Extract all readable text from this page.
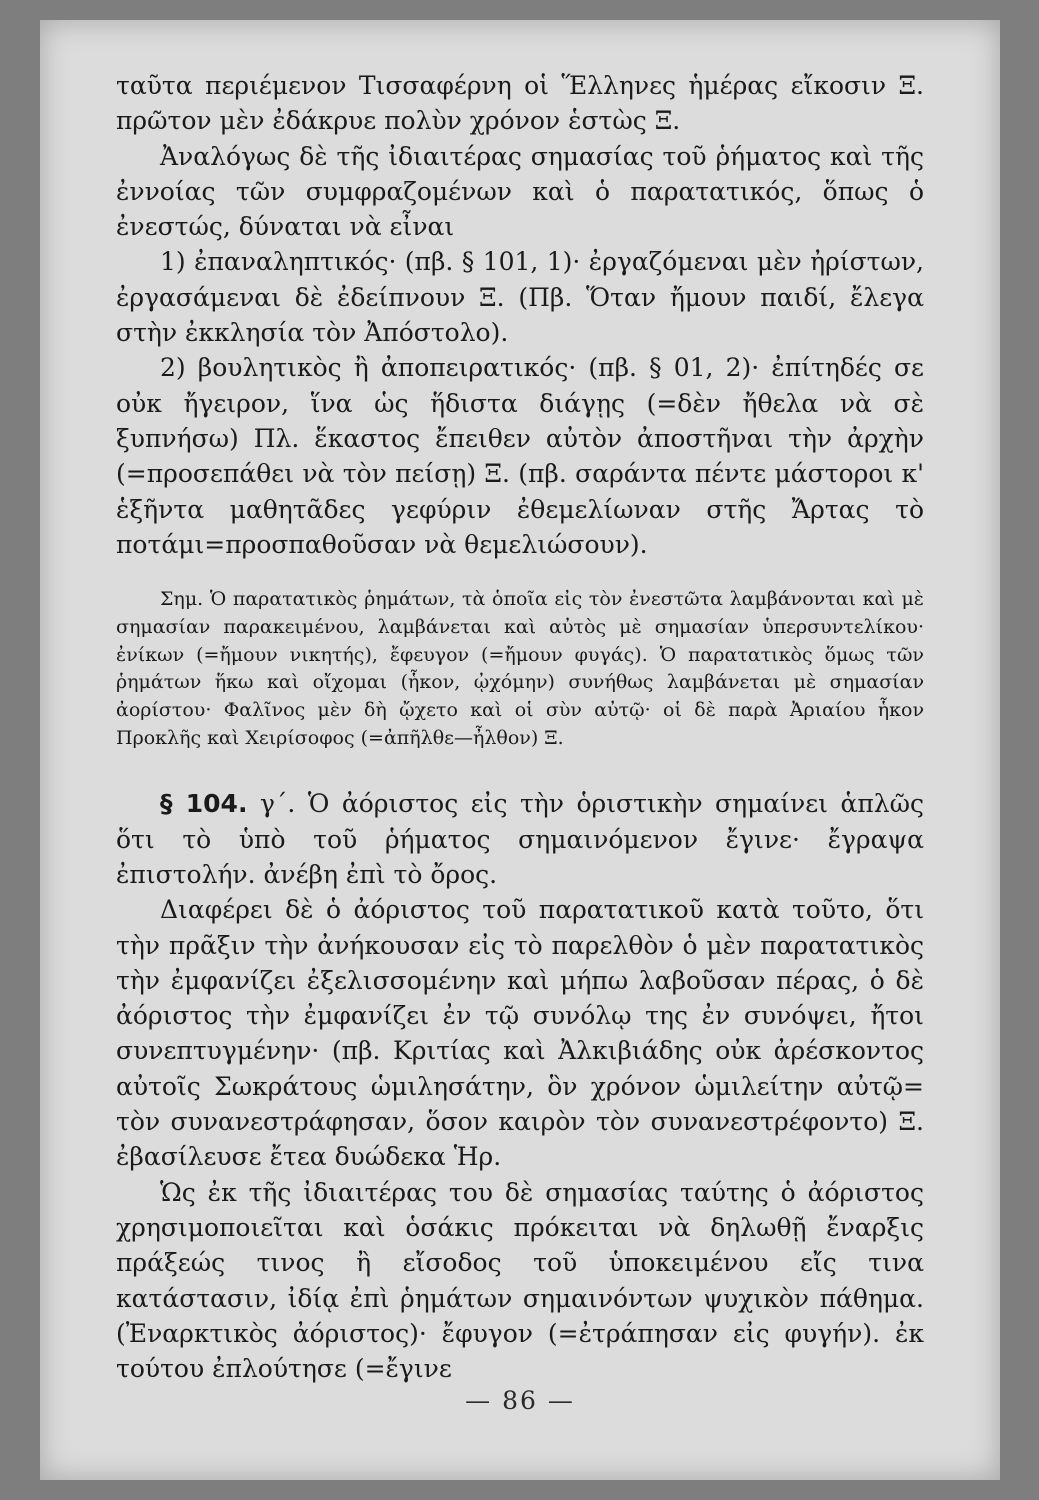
ταῦτα περιέμενον Τισσαφέρνη οἱ Ἕλληνες ἡμέρας εἴκοσιν Ξ. πρῶτον μὲν ἐδάκρυε πολὺν χρόνον ἑστὼς Ξ.

Ἀναλόγως δὲ τῆς ἰδιαιτέρας σημασίας τοῦ ῥήματος καὶ τῆς ἐννοίας τῶν συμφραζομένων καὶ ὁ παρατατικός, ὅπως ὁ ἐνεστώς, δύναται νὰ εἶναι

1) ἐπαναληπτικός· (πβ. § 101, 1)· ἐργαζόμεναι μὲν ἠρίστων, ἐργασάμεναι δὲ ἐδείπνουν Ξ. (Πβ. Ὅταν ἤμουν παιδί, ἔλεγα στὴν ἐκκλησία τὸν Ἀπόστολο).

2) βουλητικὸς ἢ ἀποπειρατικός· (πβ. § 01, 2)· ἐπίτηδές σε οὐκ ἤγειρον, ἵνα ὡς ἥδιστα διάγῃς (=δὲν ἤθελα νὰ σὲ ξυπνήσω) Πλ. ἕκαστος ἔπειθεν αὐτὸν ἀποστῆναι τὴν ἀρχὴν (=προσεπάθει νὰ τὸν πείσῃ) Ξ. (πβ. σαράντα πέντε μάστοροι κ' ἑξῆντα μαθητᾶδες γεφύριν ἐθεμελίωναν στῆς Ἄρτας τὸ ποτάμι=προσπαθοῦσαν νὰ θεμελιώσουν).

Σημ. Ὁ παρατατικὸς ῥημάτων, τὰ ὁποῖα εἰς τὸν ἐνεστῶτα λαμβάνονται καὶ μὲ σημασίαν παρακειμένου, λαμβάνεται καὶ αὐτὸς μὲ σημασίαν ὑπερσυντελίκου· ἐνίκων (=ἤμουν νικητής), ἔφευγον (=ἤμουν φυγάς). Ὁ παρατατικὸς ὅμως τῶν ῥημάτων ἥκω καὶ οἴχομαι (ἧκον, ᾠχόμην) συνήθως λαμβάνεται μὲ σημασίαν ἀορίστου· Φαλῖνος μὲν δὴ ᾤχετο καὶ οἱ σὺν αὐτῷ· οἱ δὲ παρὰ Ἀριαίου ἧκον Προκλῆς καὶ Χειρίσοφος (=ἀπῆλθε—ἦλθον) Ξ.

§ 104. γ΄. Ὁ ἀόριστος εἰς τὴν ὁριστικὴν σημαίνει ἁπλῶς ὅτι τὸ ὑπὸ τοῦ ῥήματος σημαινόμενον ἔγινε· ἔγραψα ἐπιστολήν. ἀνέβη ἐπὶ τὸ ὄρος.

Διαφέρει δὲ ὁ ἀόριστος τοῦ παρατατικοῦ κατὰ τοῦτο, ὅτι τὴν πρᾶξιν τὴν ἀνήκουσαν εἰς τὸ παρελθὸν ὁ μὲν παρατατικὸς τὴν ἐμφανίζει ἐξελισσομένην καὶ μήπω λαβοῦσαν πέρας, ὁ δὲ ἀόριστος τὴν ἐμφανίζει ἐν τῷ συνόλῳ της ἐν συνόψει, ἤτοι συνεπτυγμένην· (πβ. Κριτίας καὶ Ἀλκιβιάδης οὐκ ἀρέσκοντος αὐτοῖς Σωκράτους ὡμιλησάτην, ὃν χρόνον ὡμιλείτην αὐτῷ= τὸν συνανεστράφησαν, ὅσον καιρὸν τὸν συνανεστρέφοντο) Ξ. ἐβασίλευσε ἔτεα δυώδεκα Ἡρ.

Ὡς ἐκ τῆς ἰδιαιτέρας του δὲ σημασίας ταύτης ὁ ἀόριστος χρησιμοποιεῖται καὶ ὁσάκις πρόκειται νὰ δηλωθῇ ἔναρξις πράξεώς τινος ἢ εἴσοδος τοῦ ὑποκειμένου εἴς τινα κατάστασιν, ἰδίᾳ ἐπὶ ῥημάτων σημαινόντων ψυχικὸν πάθημα. (Ἐναρκτικὸς ἀόριστος)· ἔφυγον (=ἐτράπησαν εἰς φυγήν). ἐκ τούτου ἐπλούτησε (=ἔγινε

— 86 —
